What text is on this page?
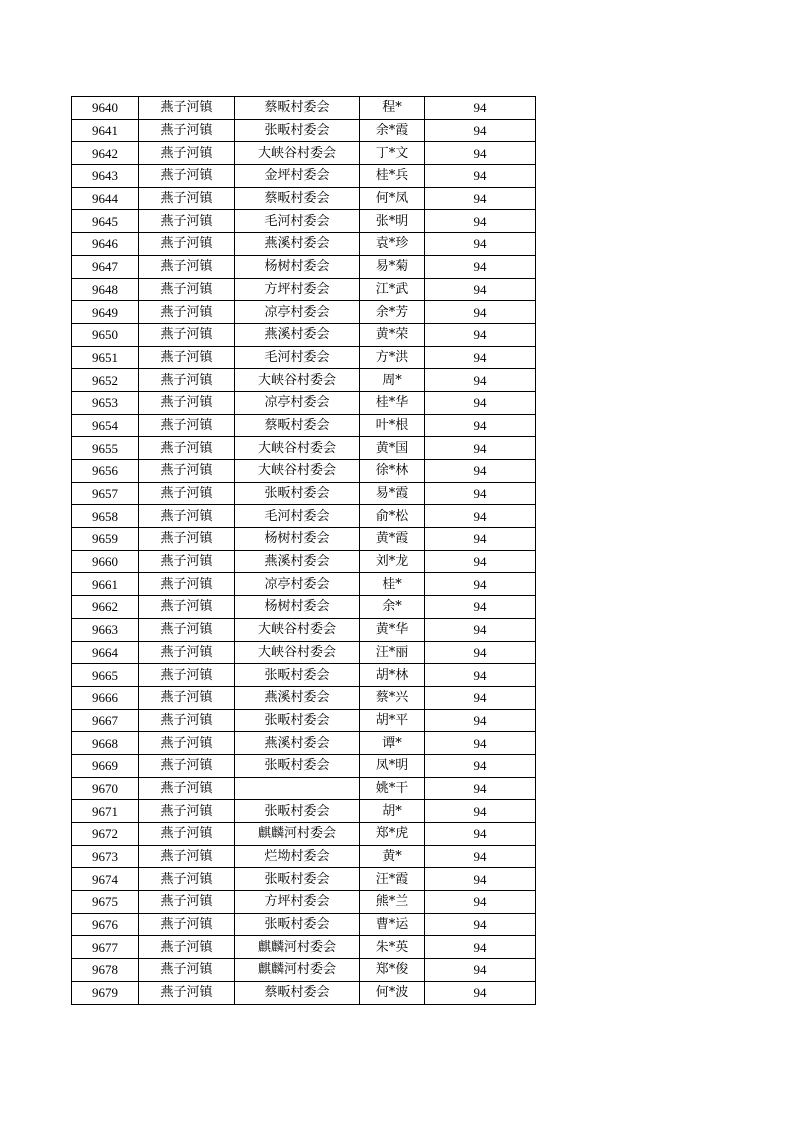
9640	燕子河镇	蔡畈村委会	程*	94
9641	燕子河镇	张畈村委会	余*霞	94
9642	燕子河镇	大峡谷村委会	丁*文	94
9643	燕子河镇	金坪村委会	桂*兵	94
9644	燕子河镇	蔡畈村委会	何*凤	94
9645	燕子河镇	毛河村委会	张*明	94
9646	燕子河镇	燕溪村委会	袁*珍	94
9647	燕子河镇	杨树村委会	易*菊	94
9648	燕子河镇	方坪村委会	江*武	94
9649	燕子河镇	凉亭村委会	余*芳	94
9650	燕子河镇	燕溪村委会	黄*荣	94
9651	燕子河镇	毛河村委会	方*洪	94
9652	燕子河镇	大峡谷村委会	周*	94
9653	燕子河镇	凉亭村委会	桂*华	94
9654	燕子河镇	蔡畈村委会	叶*根	94
9655	燕子河镇	大峡谷村委会	黄*国	94
9656	燕子河镇	大峡谷村委会	徐*林	94
9657	燕子河镇	张畈村委会	易*霞	94
9658	燕子河镇	毛河村委会	俞*松	94
9659	燕子河镇	杨树村委会	黄*霞	94
9660	燕子河镇	燕溪村委会	刘*龙	94
9661	燕子河镇	凉亭村委会	桂*	94
9662	燕子河镇	杨树村委会	余*	94
9663	燕子河镇	大峡谷村委会	黄*华	94
9664	燕子河镇	大峡谷村委会	汪*丽	94
9665	燕子河镇	张畈村委会	胡*林	94
9666	燕子河镇	燕溪村委会	蔡*兴	94
9667	燕子河镇	张畈村委会	胡*平	94
9668	燕子河镇	燕溪村委会	谭*	94
9669	燕子河镇	张畈村委会	凤*明	94
9670	燕子河镇		姚*干	94
9671	燕子河镇	张畈村委会	胡*	94
9672	燕子河镇	麒麟河村委会	郑*虎	94
9673	燕子河镇	烂坳村委会	黄*	94
9674	燕子河镇	张畈村委会	汪*霞	94
9675	燕子河镇	方坪村委会	熊*兰	94
9676	燕子河镇	张畈村委会	曹*运	94
9677	燕子河镇	麒麟河村委会	朱*英	94
9678	燕子河镇	麒麟河村委会	郑*俊	94
9679	燕子河镇	蔡畈村委会	何*波	94
